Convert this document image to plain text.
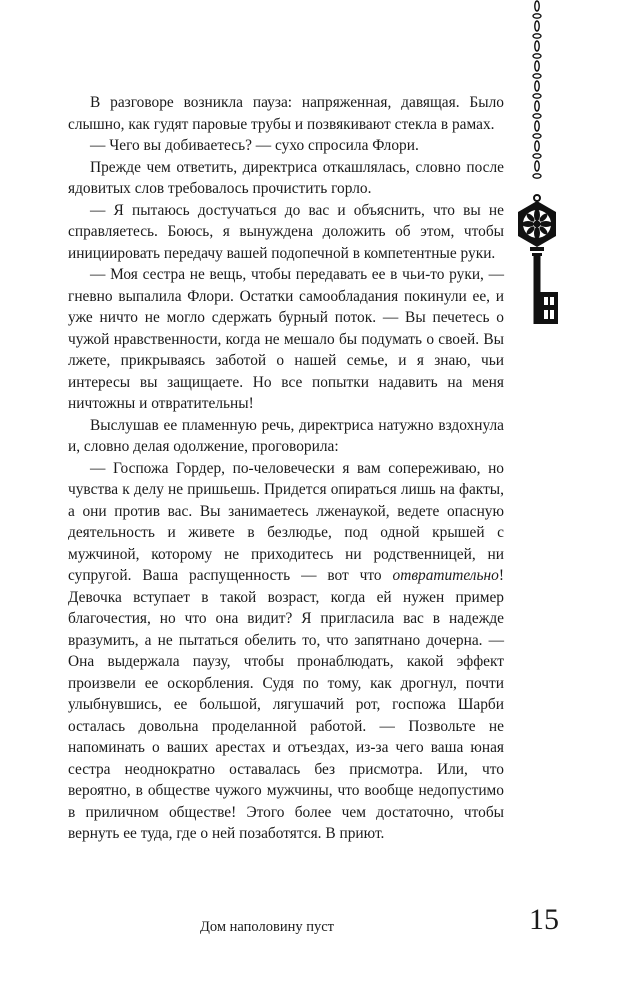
В разговоре возникла пауза: напряженная, давящая. Было слышно, как гудят паровые трубы и позвякивают стекла в рамах.

— Чего вы добиваетесь? — сухо спросила Флори.

Прежде чем ответить, директриса откашлялась, словно после ядовитых слов требовалось прочистить горло.

— Я пытаюсь достучаться до вас и объяснить, что вы не справляетесь. Боюсь, я вынуждена доложить об этом, чтобы инициировать передачу вашей подопечной в компетентные руки.

— Моя сестра не вещь, чтобы передавать ее в чьи-то руки, — гневно выпалила Флори. Остатки самообладания покинули ее, и уже ничто не могло сдержать бурный поток. — Вы печетесь о чужой нравственности, когда не мешало бы подумать о своей. Вы лжете, прикрываясь заботой о нашей семье, и я знаю, чьи интересы вы защищаете. Но все попытки надавить на меня ничтожны и отвратительны!

Выслушав ее пламенную речь, директриса натужно вздохнула и, словно делая одолжение, проговорила:

— Госпожа Гордер, по-человечески я вам сопереживаю, но чувства к делу не пришьешь. Придется опираться лишь на факты, а они против вас. Вы занимаетесь лженаукой, ведете опасную деятельность и живете в безлюдье, под одной крышей с мужчиной, которому не приходитесь ни родственницей, ни супругой. Ваша распущенность — вот что отвратительно! Девочка вступает в такой возраст, когда ей нужен пример благочестия, но что она видит? Я пригласила вас в надежде вразумить, а не пытаться обелить то, что запятнано дочерна. — Она выдержала паузу, чтобы пронаблюдать, какой эффект произвели ее оскорбления. Судя по тому, как дрогнул, почти улыбнувшись, ее большой, лягушачий рот, госпожа Шарби осталась довольна проделанной работой. — Позвольте не напоминать о ваших арестах и отъездах, из-за чего ваша юная сестра неоднократно оставалась без присмотра. Или, что вероятно, в обществе чужого мужчины, что вообще недопустимо в приличном обществе! Этого более чем достаточно, чтобы вернуть ее туда, где о ней позаботятся. В приют.

Дом наполовину пуст	15
